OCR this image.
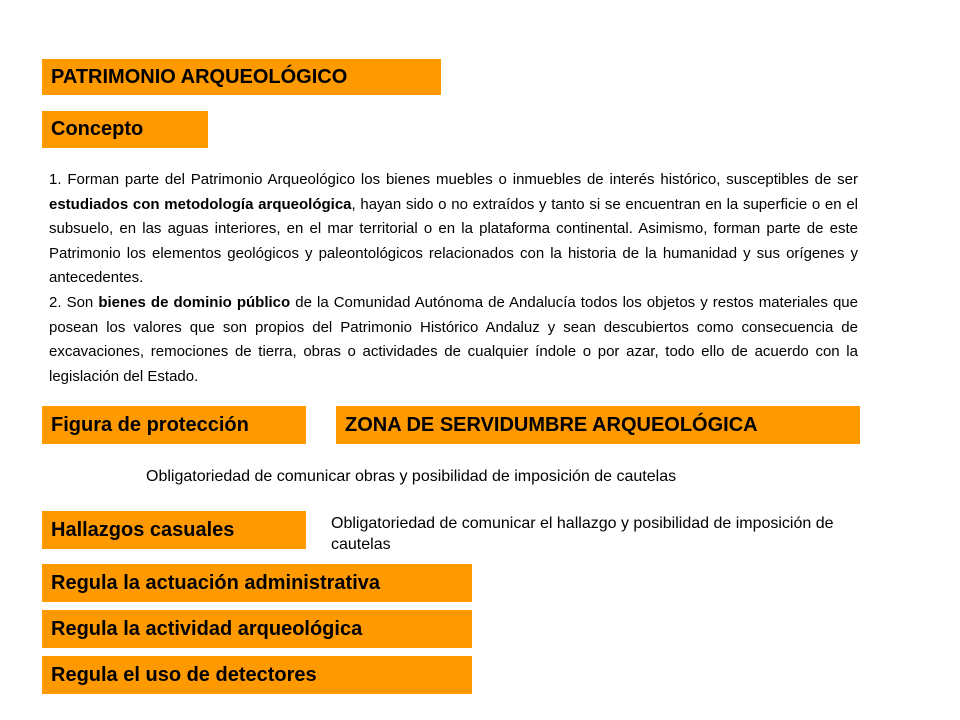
PATRIMONIO ARQUEOLÓGICO
Concepto
1. Forman parte del Patrimonio Arqueológico los bienes muebles o inmuebles de interés histórico, susceptibles de ser estudiados con metodología arqueológica, hayan sido o no extraídos y tanto si se encuentran en la superficie o en el subsuelo, en las aguas interiores, en el mar territorial o en la plataforma continental. Asimismo, forman parte de este Patrimonio los elementos geológicos y paleontológicos relacionados con la historia de la humanidad y sus orígenes y antecedentes.
2. Son bienes de dominio público de la Comunidad Autónoma de Andalucía todos los objetos y restos materiales que posean los valores que son propios del Patrimonio Histórico Andaluz y sean descubiertos como consecuencia de excavaciones, remociones de tierra, obras o actividades de cualquier índole o por azar, todo ello de acuerdo con la legislación del Estado.
Figura de protección	ZONA DE SERVIDUMBRE ARQUEOLÓGICA
Obligatoriedad de comunicar obras y posibilidad de imposición de cautelas
Hallazgos casuales	Obligatoriedad de comunicar el hallazgo y posibilidad de imposición de cautelas
Regula la actuación administrativa
Regula la actividad arqueológica
Regula el uso de detectores
